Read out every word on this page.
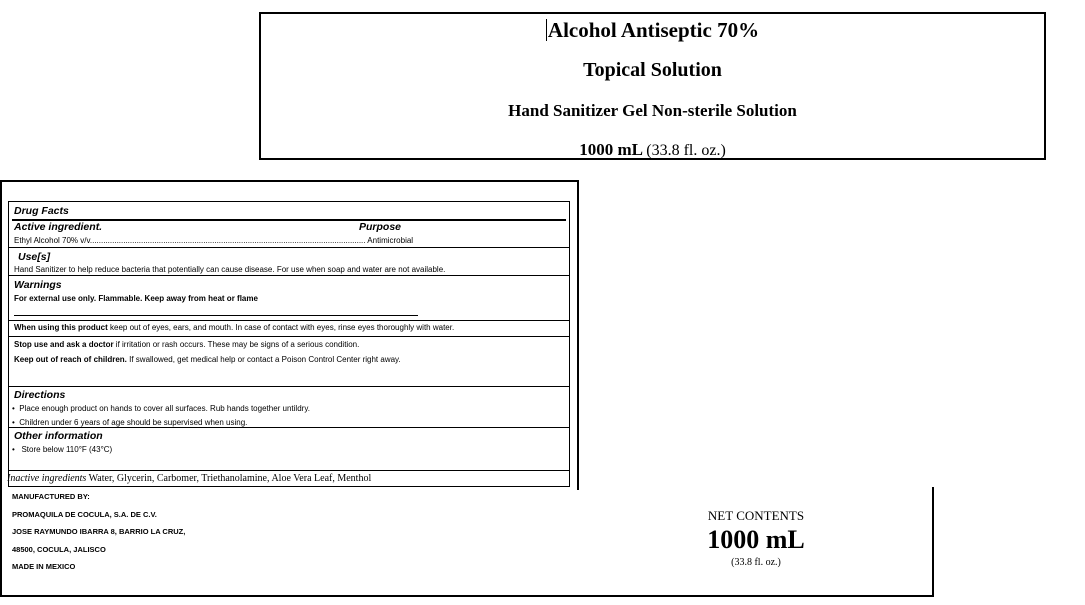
Alcohol Antiseptic 70%
Topical Solution
Hand Sanitizer Gel Non-sterile Solution
1000 mL (33.8 fl. oz.)
Drug Facts
Active ingredient.	Purpose
Ethyl Alcohol 70% v/v............................................................................................................................ Antimicrobial
Use[s]
Hand Sanitizer to help reduce bacteria that potentially can cause disease. For use when soap and water are not available.
Warnings
For external use only. Flammable. Keep away from heat or flame
When using this product keep out of eyes, ears, and mouth. In case of contact with eyes, rinse eyes thoroughly with water.
Stop use and ask a doctor if irritation or rash occurs. These may be signs of a serious condition.
Keep out of reach of children. If swallowed, get medical help or contact a Poison Control Center right away.
Directions
•  Place enough product on hands to cover all surfaces. Rub hands together untildry.
•  Children under 6 years of age should be supervised when using.
Other information
•   Store below 110°F (43°C)
Inactive ingredients Water, Glycerin, Carbomer, Triethanolamine, Aloe Vera Leaf, Menthol
MANUFACTURED BY:
PROMAQUILA DE COCULA, S.A. DE C.V.
JOSE RAYMUNDO IBARRA 8, BARRIO LA CRUZ,
48500, COCULA, JALISCO
MADE IN MEXICO
NET CONTENTS
1000 mL
(33.8 fl. oz.)
